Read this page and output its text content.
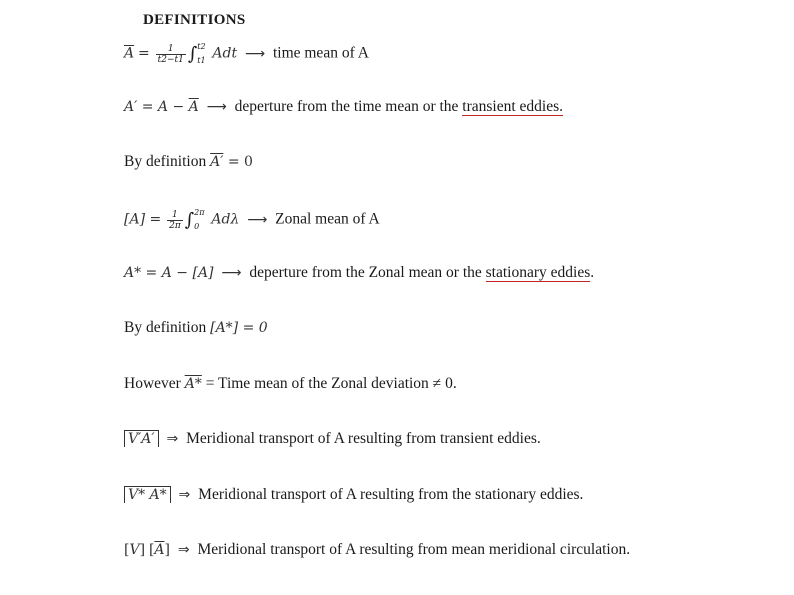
DEFINITIONS
$\overline{A} = \frac{1}{t2-t1}$ ∫ t2
t1 Adt ⟶ time mean of A
$A' = A - \overline{A}$ ⟶ deperture from the time mean or the transient eddies.
By definition A′ = 0
$[A] = \frac{1}{2\pi}$ ∫ 2π
0 Adλ ⟶ Zonal mean of A
A* = A − [A] ⟶ deperture from the Zonal mean or the stationary eddies.
By definition [A*] = 0
However A* = Time mean of the Zonal deviation ≠ 0.
V′A′ ⇒ Meridional transport of A resulting from transient eddies.
V* A* ⇒ Meridional transport of A resulting from the stationary eddies.
[V] $[\overline{A}]$ ⇒ Meridional transport of A resulting from mean meridional circulation.
